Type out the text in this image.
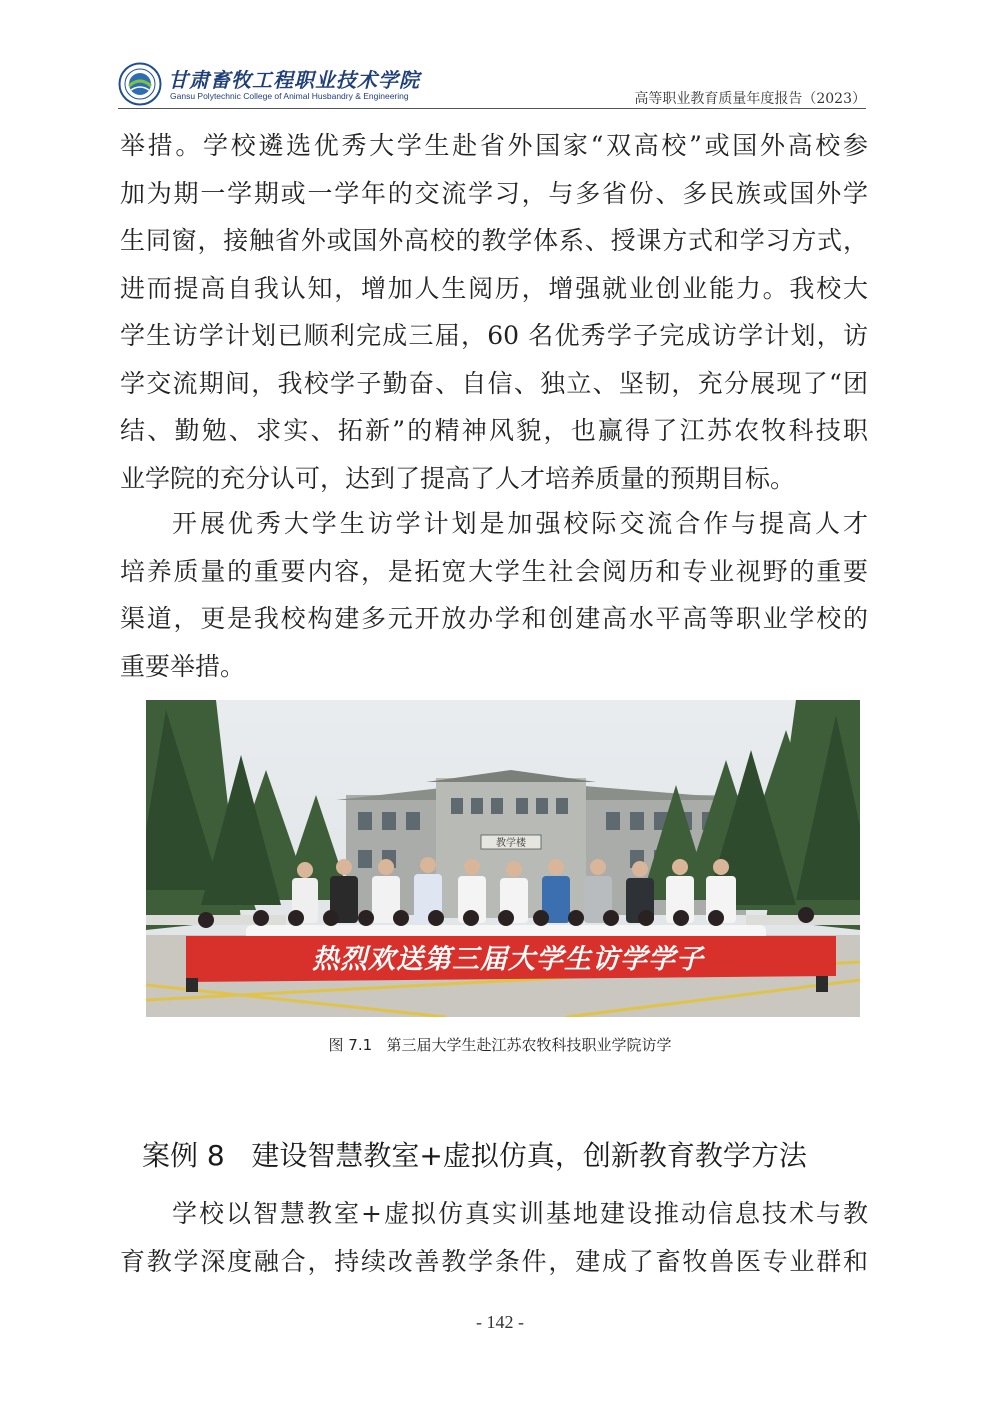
甘肃畜牧工程职业技术学院
Gansu Polytechnic College of Animal Husbandry & Engineering	高等职业教育质量年度报告（2023）
举措。学校遴选优秀大学生赴省外国家“双高校”或国外高校参
加为期一学期或一学年的交流学习，与多省份、多民族或国外学
生同窗，接触省外或国外高校的教学体系、授课方式和学习方式，
进而提高自我认知，增加人生阅历，增强就业创业能力。我校大
学生访学计划已顺利完成三届，60 名优秀学子完成访学计划，访
学交流期间，我校学子勤奋、自信、独立、坚韧，充分展现了“团
结、勤勉、求实、拓新”的精神风貌，也赢得了江苏农牧科技职
业学院的充分认可，达到了提高了人才培养质量的预期目标。
开展优秀大学生访学计划是加强校际交流合作与提高人才
培养质量的重要内容，是拓宽大学生社会阅历和专业视野的重要
渠道，更是我校构建多元开放办学和创建高水平高等职业学校的
重要举措。
教学楼
热烈欢送第三届大学生访学学子
图 7.1   第三届大学生赴江苏农牧科技职业学院访学
案例 8   建设智慧教室+虚拟仿真，创新教育教学方法
学校以智慧教室+虚拟仿真实训基地建设推动信息技术与教
育教学深度融合，持续改善教学条件，建成了畜牧兽医专业群和
- 142 -
